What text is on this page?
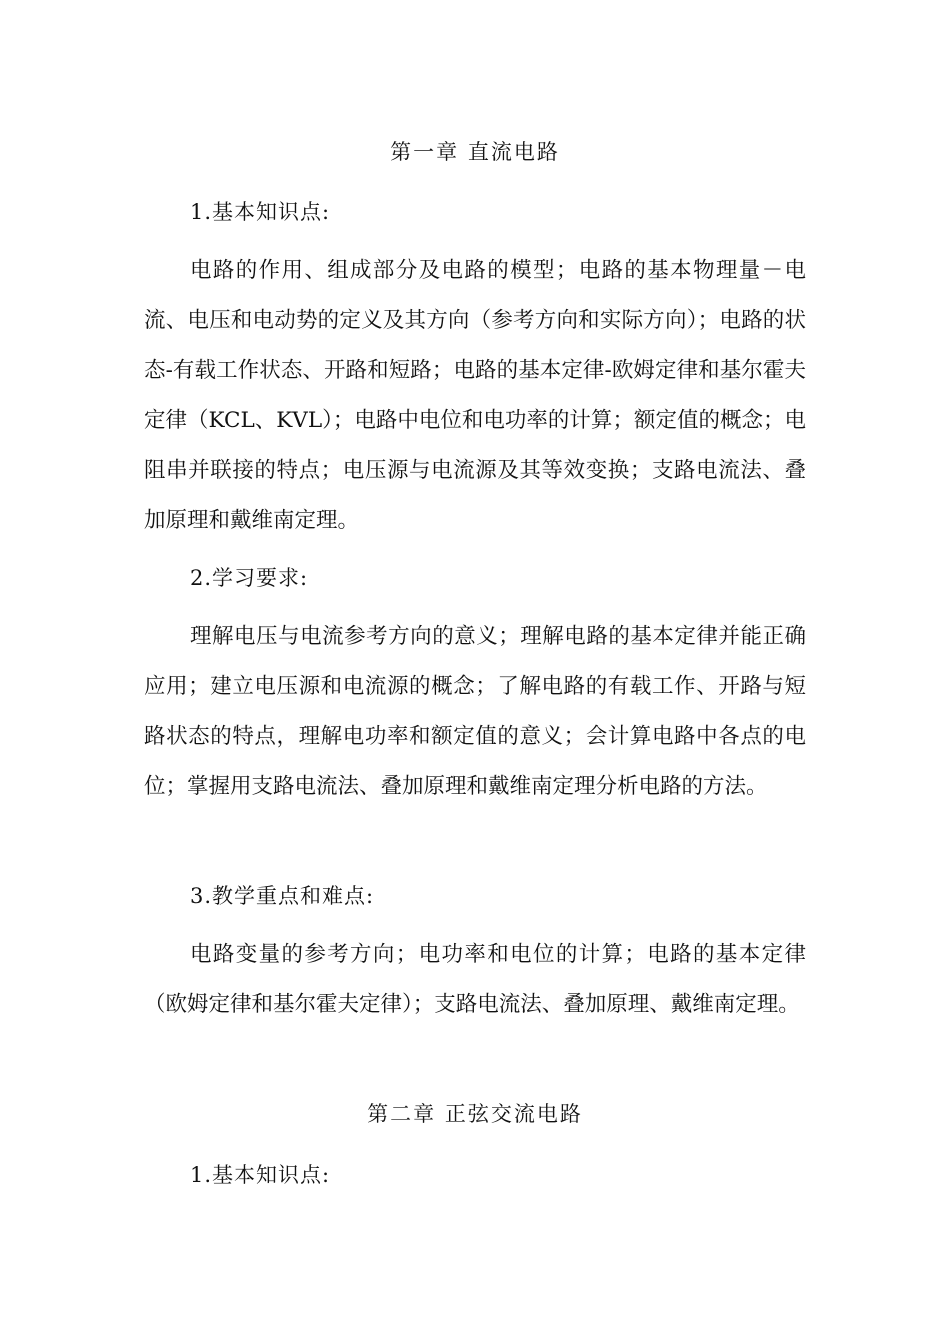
第一章 直流电路
1.基本知识点:

电路的作用、组成部分及电路的模型；电路的基本物理量－电流、电压和电动势的定义及其方向（参考方向和实际方向）；电路的状态-有载工作状态、开路和短路；电路的基本定律-欧姆定律和基尔霍夫定律（KCL、KVL）；电路中电位和电功率的计算；额定值的概念；电阻串并联接的特点；电压源与电流源及其等效变换；支路电流法、叠加原理和戴维南定理。

2.学习要求:

理解电压与电流参考方向的意义；理解电路的基本定律并能正确应用；建立电压源和电流源的概念；了解电路的有载工作、开路与短路状态的特点，理解电功率和额定值的意义；会计算电路中各点的电位；掌握用支路电流法、叠加原理和戴维南定理分析电路的方法。

3.教学重点和难点:

电路变量的参考方向；电功率和电位的计算；电路的基本定律（欧姆定律和基尔霍夫定律）；支路电流法、叠加原理、戴维南定理。

第二章 正弦交流电路
1.基本知识点:
